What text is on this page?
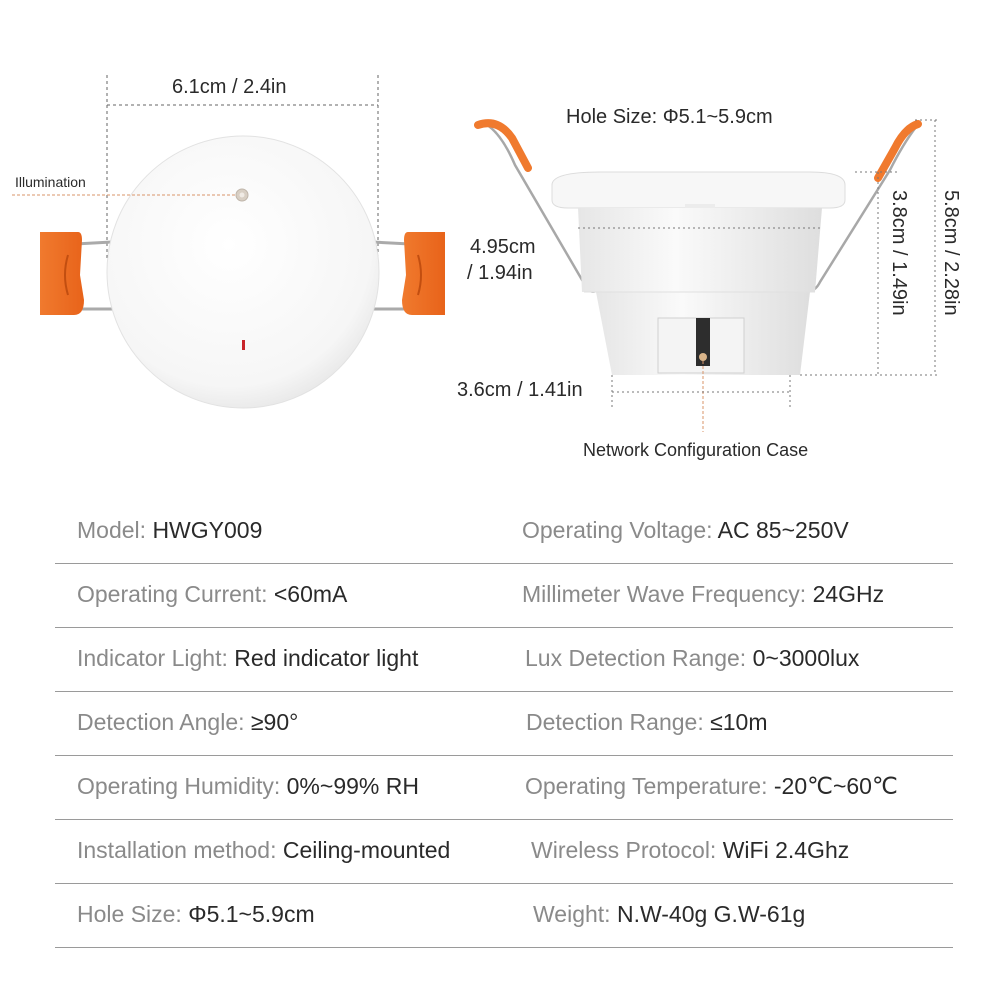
6.1cm / 2.4in
Illumination
Hole Size: Φ5.1~5.9cm
4.95cm
/ 1.94in
3.6cm / 1.41in
Network Configuration Case
3.8cm / 1.49in 5.8cm / 2.28in
Model: HWGY009	Operating Voltage: AC 85~250V
Operating Current: <60mA	Millimeter Wave Frequency: 24GHz
Indicator Light: Red indicator light	Lux Detection Range: 0~3000lux
Detection Angle: ≥90°	Detection Range: ≤10m
Operating Humidity: 0%~99% RH	Operating Temperature: -20℃~60℃
Installation method: Ceiling-mounted	Wireless Protocol: WiFi 2.4Ghz
Hole Size: Φ5.1~5.9cm	Weight: N.W-40g G.W-61g
